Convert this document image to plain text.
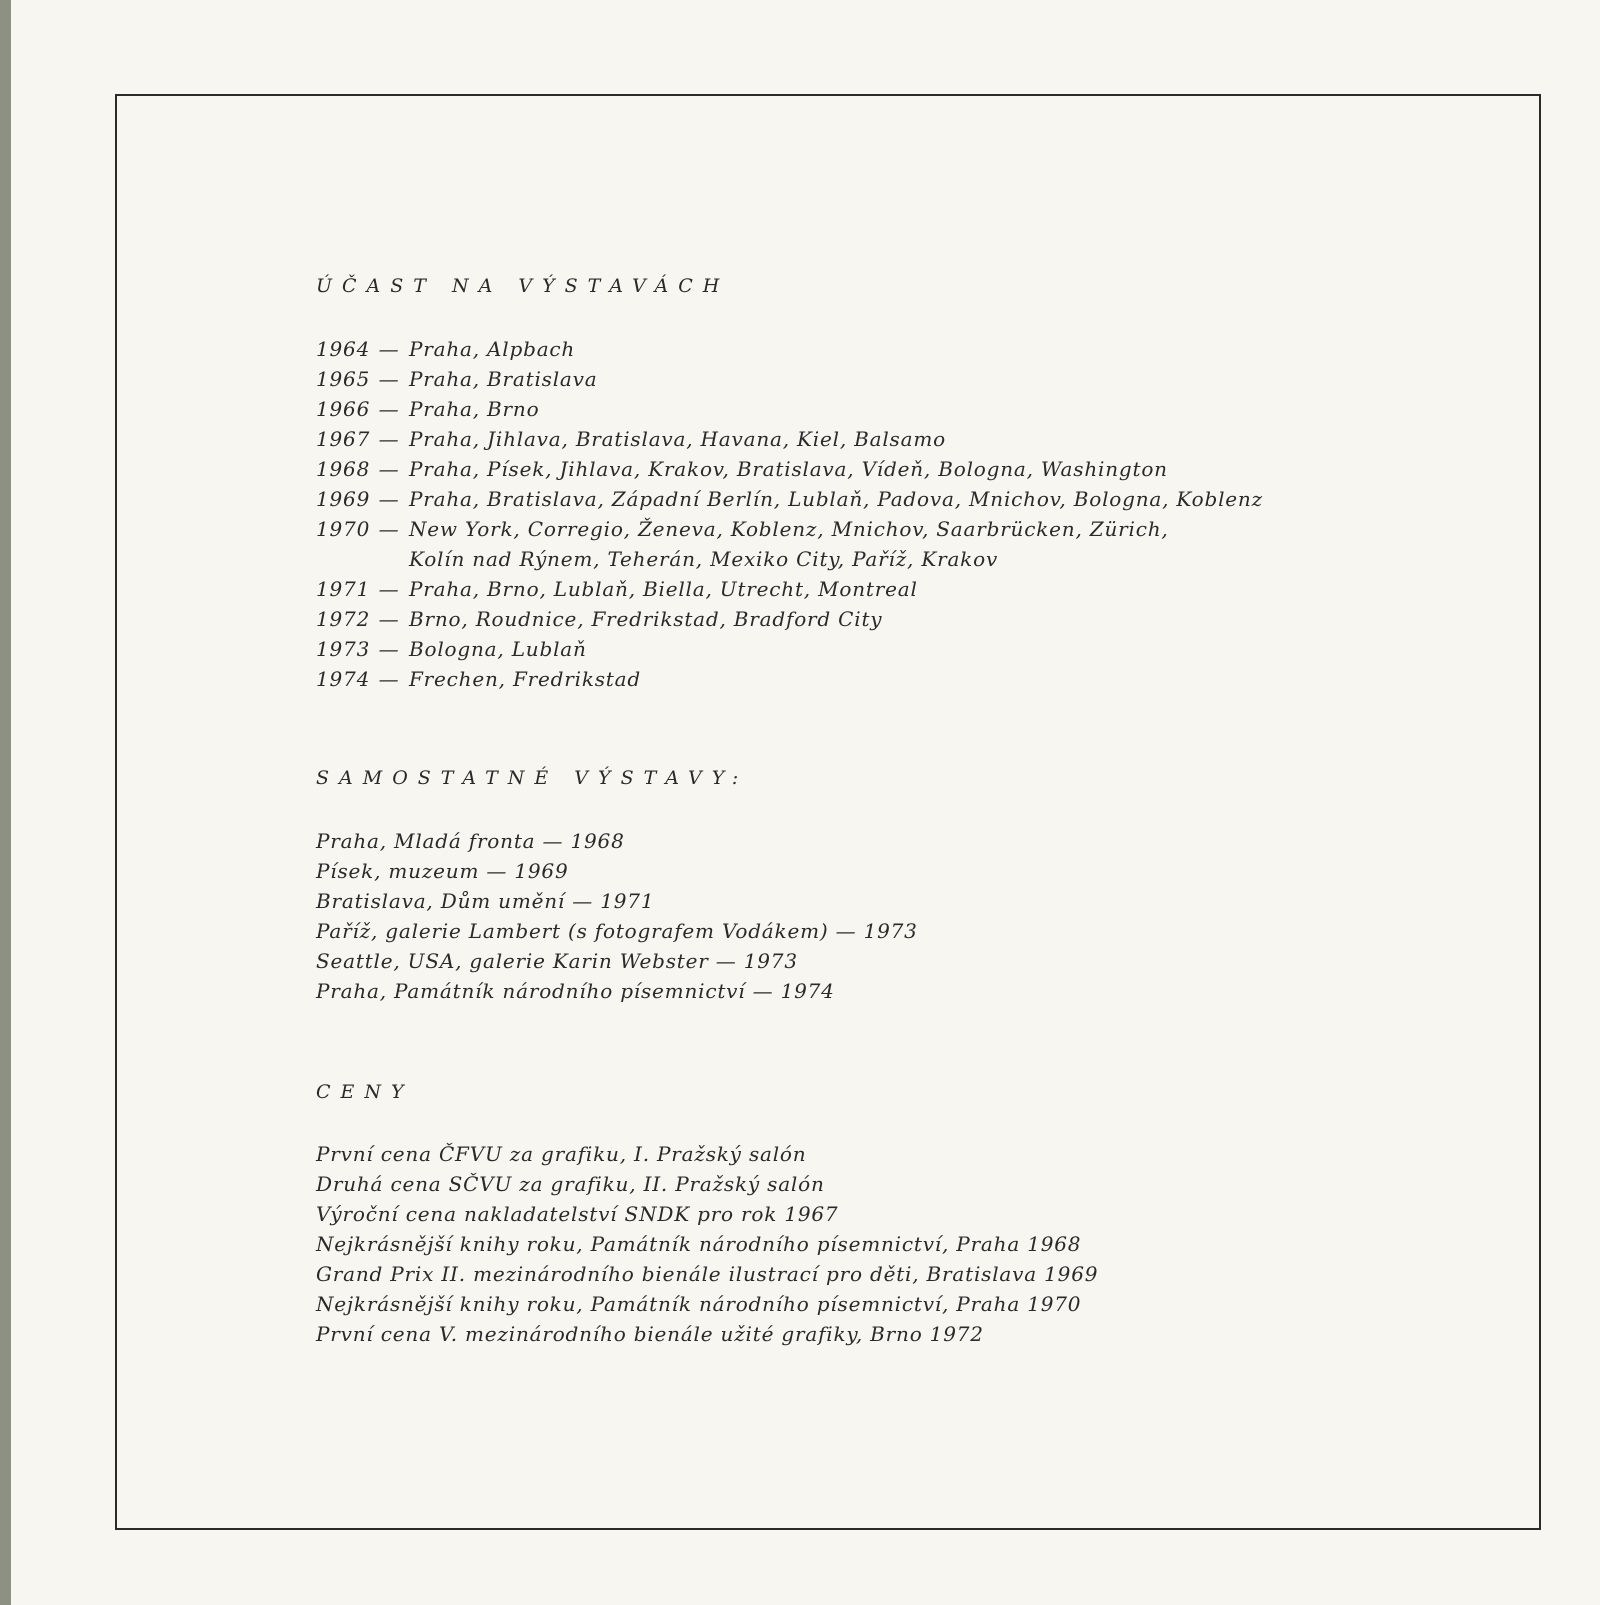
ÚČAST NA VÝSTAVÁCH
1964 — Praha, Alpbach
1965 — Praha, Bratislava
1966 — Praha, Brno
1967 — Praha, Jihlava, Bratislava, Havana, Kiel, Balsamo
1968 — Praha, Písek, Jihlava, Krakov, Bratislava, Vídeň, Bologna, Washington
1969 — Praha, Bratislava, Západní Berlín, Lublaň, Padova, Mnichov, Bologna, Koblenz
1970 — New York, Corregio, Ženeva, Koblenz, Mnichov, Saarbrücken, Zürich,
Kolín nad Rýnem, Teherán, Mexiko City, Paříž, Krakov
1971 — Praha, Brno, Lublaň, Biella, Utrecht, Montreal
1972 — Brno, Roudnice, Fredrikstad, Bradford City
1973 — Bologna, Lublaň
1974 — Frechen, Fredrikstad
SAMOSTATNÉ VÝSTAVY:
Praha, Mladá fronta — 1968
Písek, muzeum — 1969
Bratislava, Dům umění — 1971
Paříž, galerie Lambert (s fotografem Vodákem) — 1973
Seattle, USA, galerie Karin Webster — 1973
Praha, Památník národního písemnictví — 1974
CENY
První cena ČFVU za grafiku, I. Pražský salón
Druhá cena SČVU za grafiku, II. Pražský salón
Výroční cena nakladatelství SNDK pro rok 1967
Nejkrásnější knihy roku, Památník národního písemnictví, Praha 1968
Grand Prix II. mezinárodního bienále ilustrací pro děti, Bratislava 1969
Nejkrásnější knihy roku, Památník národního písemnictví, Praha 1970
První cena V. mezinárodního bienále užité grafiky, Brno 1972
